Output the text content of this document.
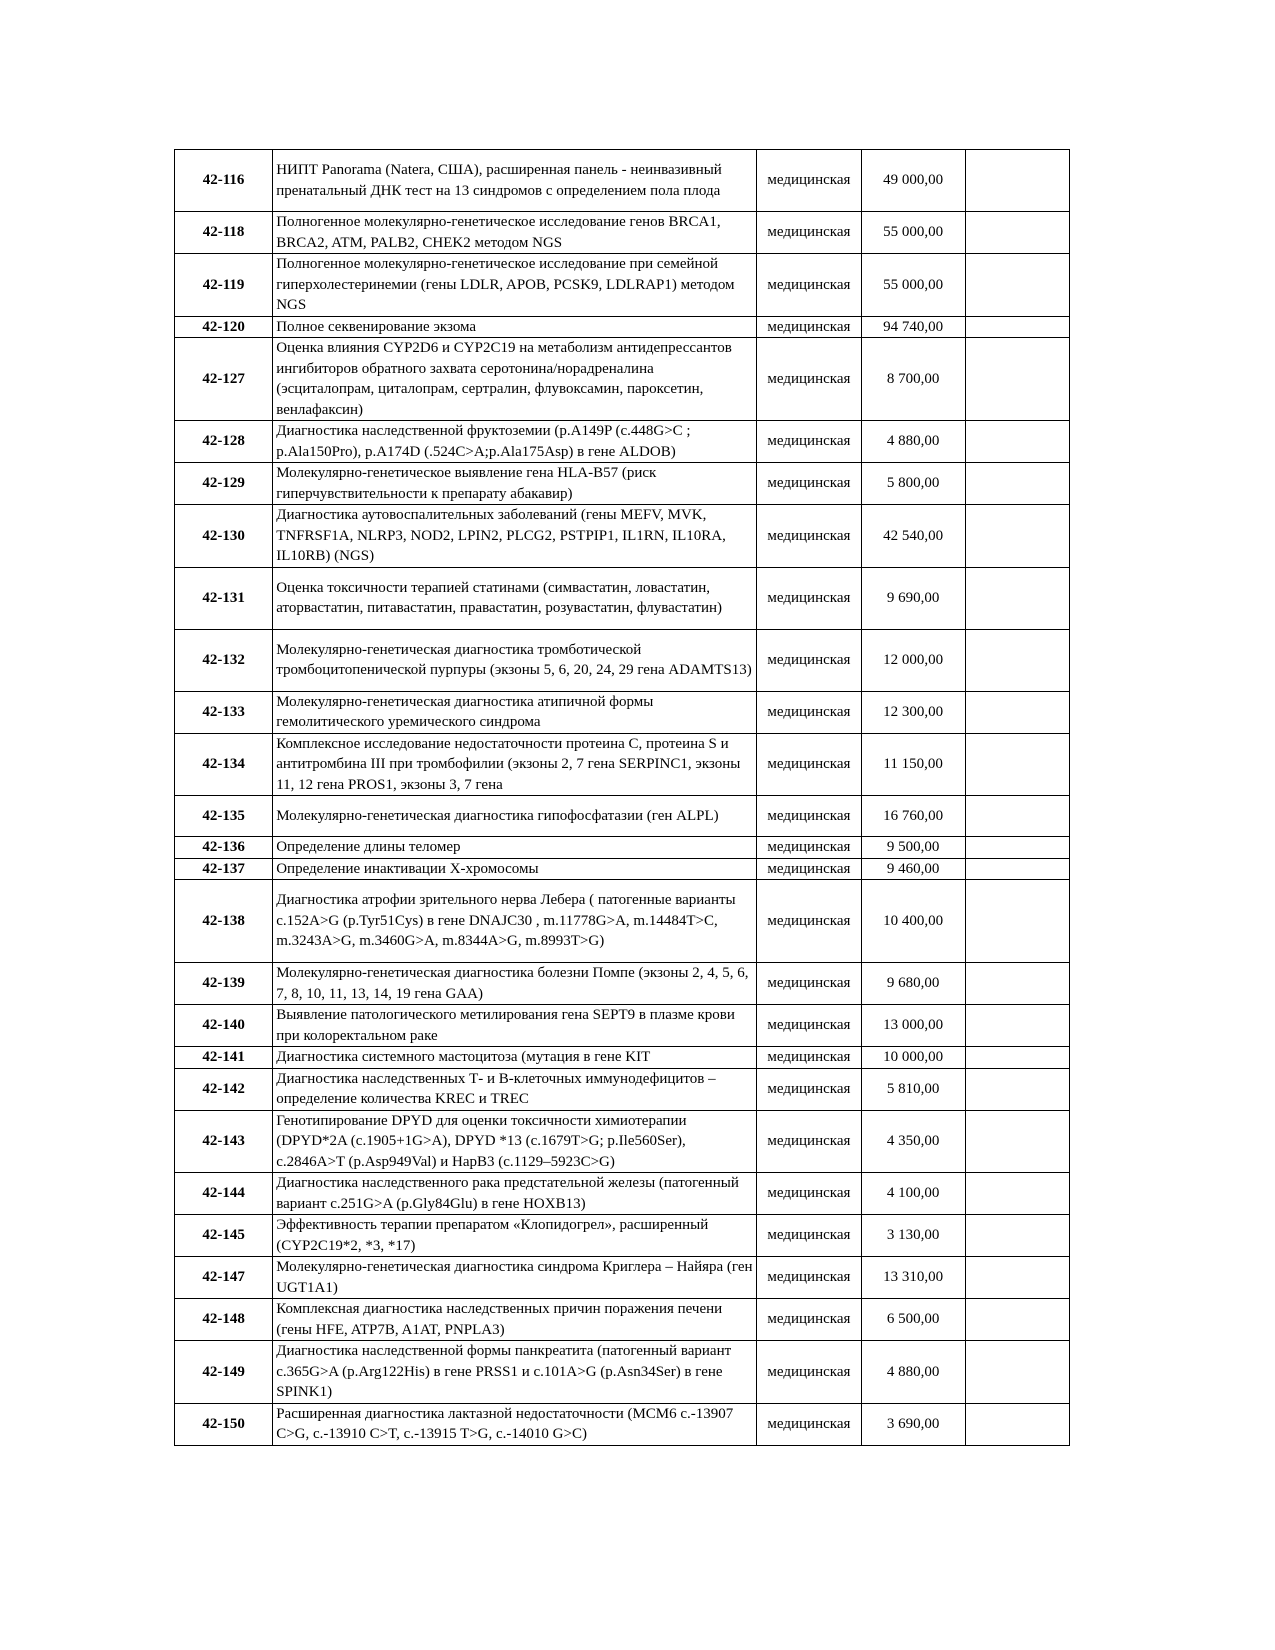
42-116	НИПТ Panorama (Natera, США), расширенная панель - неинвазивный пренатальный ДНК тест на 13 синдромов с определением пола плода	медицинская	49 000,00	
42-118	Полногенное молекулярно-генетическое исследование генов BRCA1, BRCA2, ATM, PALB2, CHEK2 методом NGS	медицинская	55 000,00	
42-119	Полногенное молекулярно-генетическое исследование при семейной гиперхолестеринемии (гены LDLR, APOB, PCSK9, LDLRAP1) методом NGS	медицинская	55 000,00	
42-120	Полное секвенирование экзома	медицинская	94 740,00	
42-127	Оценка влияния CYP2D6 и CYP2C19 на метаболизм антидепрессантов ингибиторов обратного захвата серотонина/норадреналина (эсциталопрам, циталопрам, сертралин, флувоксамин, пароксетин, венлафаксин)	медицинская	8 700,00	
42-128	Диагностика наследственной фруктоземии (p.A149P (c.448G>C ; p.Ala150Pro), p.A174D (.524C>A;p.Ala175Asp) в гене ALDOB)	медицинская	4 880,00	
42-129	Молекулярно-генетическое выявление гена HLA-B57 (риск гиперчувствительности к препарату абакавир)	медицинская	5 800,00	
42-130	Диагностика аутовоспалительных заболеваний (гены MEFV, MVK, TNFRSF1A, NLRP3, NOD2, LPIN2, PLCG2, PSTPIP1, IL1RN, IL10RA, IL10RB) (NGS)	медицинская	42 540,00	
42-131	Оценка токсичности терапией статинами (симвастатин, ловастатин, аторвастатин, питавастатин, правастатин, розувастатин, флувастатин)	медицинская	9 690,00	
42-132	Молекулярно-генетическая диагностика тромботической тромбоцитопенической пурпуры (экзоны 5, 6, 20, 24, 29 гена ADAMTS13)	медицинская	12 000,00	
42-133	Молекулярно-генетическая диагностика атипичной формы гемолитического уремического синдрома	медицинская	12 300,00	
42-134	Комплексное исследование недостаточности протеина С, протеина S и антитромбина III при тромбофилии (экзоны 2, 7 гена SERPINC1, экзоны 11, 12 гена PROS1, экзоны 3, 7 гена	медицинская	11 150,00	
42-135	Молекулярно-генетическая диагностика гипофосфатазии (ген ALPL)	медицинская	16 760,00	
42-136	Определение длины теломер	медицинская	9 500,00	
42-137	Определение инактивации Х-хромосомы	медицинская	9 460,00	
42-138	Диагностика атрофии зрительного нерва Лебера ( патогенные варианты c.152A>G (p.Tyr51Cys) в гене DNAJC30 , m.11778G>A, m.14484T>C, m.3243A>G, m.3460G>A, m.8344A>G, m.8993T>G)	медицинская	10 400,00	
42-139	Молекулярно-генетическая диагностика болезни Помпе (экзоны 2, 4, 5, 6, 7, 8, 10, 11, 13, 14, 19 гена GAA)	медицинская	9 680,00	
42-140	Выявление патологического метилирования гена SEPT9 в плазме крови при колоректальном раке	медицинская	13 000,00	
42-141	Диагностика системного мастоцитоза (мутация в гене KIT	медицинская	10 000,00	
42-142	Диагностика наследственных Т- и В-клеточных иммунодефицитов – определение количества KREC и TREC	медицинская	5 810,00	
42-143	Генотипирование DPYD для оценки токсичности химиотерапии (DPYD*2A (c.1905+1G>A), DPYD *13 (c.1679T>G; p.Ile560Ser), c.2846A>T (p.Asp949Val) и HapB3 (c.1129–5923C>G)	медицинская	4 350,00	
42-144	Диагностика наследственного рака предстательной железы (патогенный вариант c.251G>A (p.Gly84Glu) в гене HOXB13)	медицинская	4 100,00	
42-145	Эффективность терапии препаратом «Клопидогрел», расширенный (CYP2C19*2, *3, *17)	медицинская	3 130,00	
42-147	Молекулярно-генетическая диагностика синдрома Криглера – Найяра (ген UGT1A1)	медицинская	13 310,00	
42-148	Комплексная диагностика наследственных причин поражения печени (гены HFE, ATP7B, A1AT, PNPLA3)	медицинская	6 500,00	
42-149	Диагностика наследственной формы панкреатита (патогенный вариант c.365G>A (p.Arg122His) в гене PRSS1 и c.101A>G (p.Asn34Ser) в гене SPINK1)	медицинская	4 880,00	
42-150	Расширенная диагностика лактазной недостаточности (MCM6 c.-13907 C>G, c.-13910 C>T, c.-13915 T>G, c.-14010 G>C)	медицинская	3 690,00	
